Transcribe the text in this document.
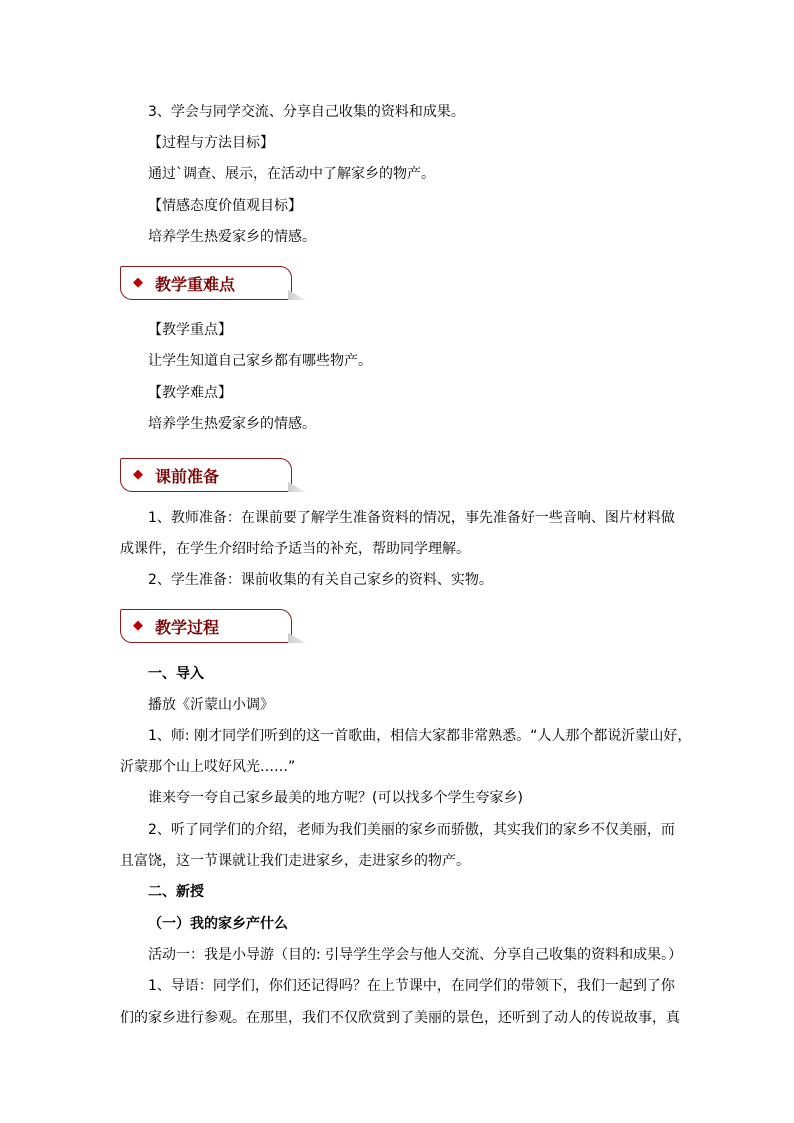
3、学会与同学交流、分享自己收集的资料和成果。
【过程与方法目标】
通过`调查、展示，在活动中了解家乡的物产。
【情感态度价值观目标】
培养学生热爱家乡的情感。
◆ 教学重难点
【教学重点】
让学生知道自己家乡都有哪些物产。
【教学难点】
培养学生热爱家乡的情感。
◆ 课前准备
1、教师准备：在课前要了解学生准备资料的情况，事先准备好一些音响、图片材料做
成课件，在学生介绍时给予适当的补充，帮助同学理解。
2、学生准备：课前收集的有关自己家乡的资料、实物。
◆ 教学过程
一、导入
播放《沂蒙山小调》
1、师: 刚才同学们听到的这一首歌曲，相信大家都非常熟悉。“人人那个都说沂蒙山好，
沂蒙那个山上哎好风光……”
谁来夸一夸自己家乡最美的地方呢？(可以找多个学生夸家乡)
2、听了同学们的介绍，老师为我们美丽的家乡而骄傲，其实我们的家乡不仅美丽，而
且富饶，这一节课就让我们走进家乡，走进家乡的物产。
二、新授
（一）我的家乡产什么
活动一：我是小导游（目的: 引导学生学会与他人交流、分享自己收集的资料和成果。）
1、导语：同学们，你们还记得吗？在上节课中，在同学们的带领下，我们一起到了你
们的家乡进行参观。在那里，我们不仅欣赏到了美丽的景色，还听到了动人的传说故事，真
